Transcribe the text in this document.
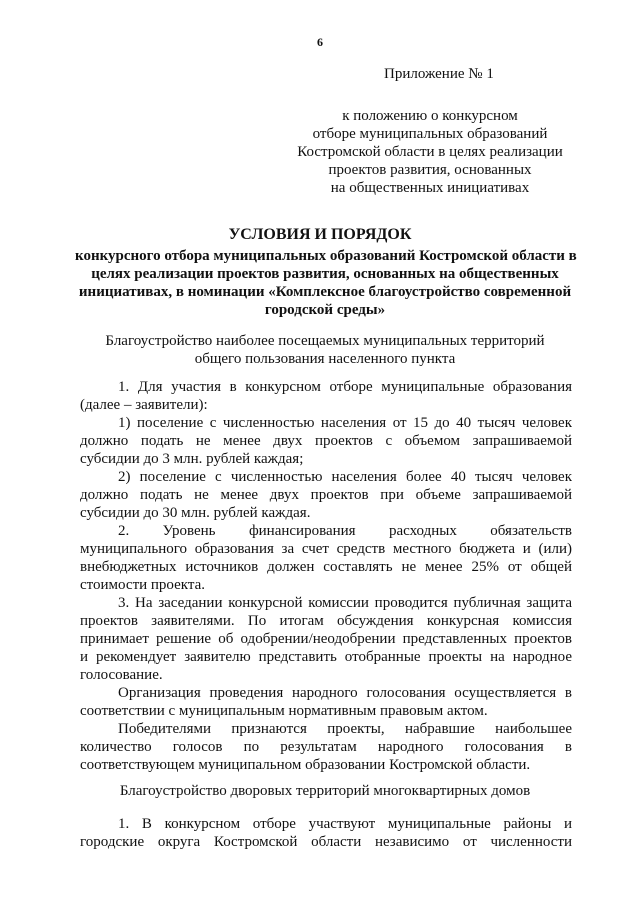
6

Приложение № 1

к положению о конкурсном
отборе муниципальных образований
Костромской области в целях реализации
проектов развития, основанных
на общественных инициативах

УСЛОВИЯ И ПОРЯДОК

конкурсного отбора муниципальных образований Костромской области в
целях реализации проектов развития, основанных на общественных
инициативах, в номинации «Комплексное благоустройство современной
городской среды»
Благоустройство наиболее посещаемых муниципальных территорий
общего пользования населенного пункта
1. Для участия в конкурсном отборе муниципальные образования
(далее – заявители):
1) поселение с численностью населения от 15 до 40 тысяч человек
должно подать не менее двух проектов с объемом запрашиваемой
субсидии до 3 млн. рублей каждая;
2) поселение с численностью населения более 40 тысяч человек
должно подать не менее двух проектов при объеме запрашиваемой
субсидии до 30 млн. рублей каждая.
2. Уровень финансирования расходных обязательств
муниципального образования за счет средств местного бюджета и (или)
внебюджетных источников должен составлять не менее 25% от общей
стоимости проекта.
3. На заседании конкурсной комиссии проводится публичная защита
проектов заявителями. По итогам обсуждения конкурсная комиссия
принимает решение об одобрении/неодобрении представленных проектов
и рекомендует заявителю представить отобранные проекты на народное
голосование.
Организация проведения народного голосования осуществляется в
соответствии с муниципальным нормативным правовым актом.
Победителями признаются проекты, набравшие наибольшее
количество голосов по результатам народного голосования в
соответствующем муниципальном образовании Костромской области.

Благоустройство дворовых территорий многоквартирных домов

1. В конкурсном отборе участвуют муниципальные районы и
городские округа Костромской области независимо от численности
